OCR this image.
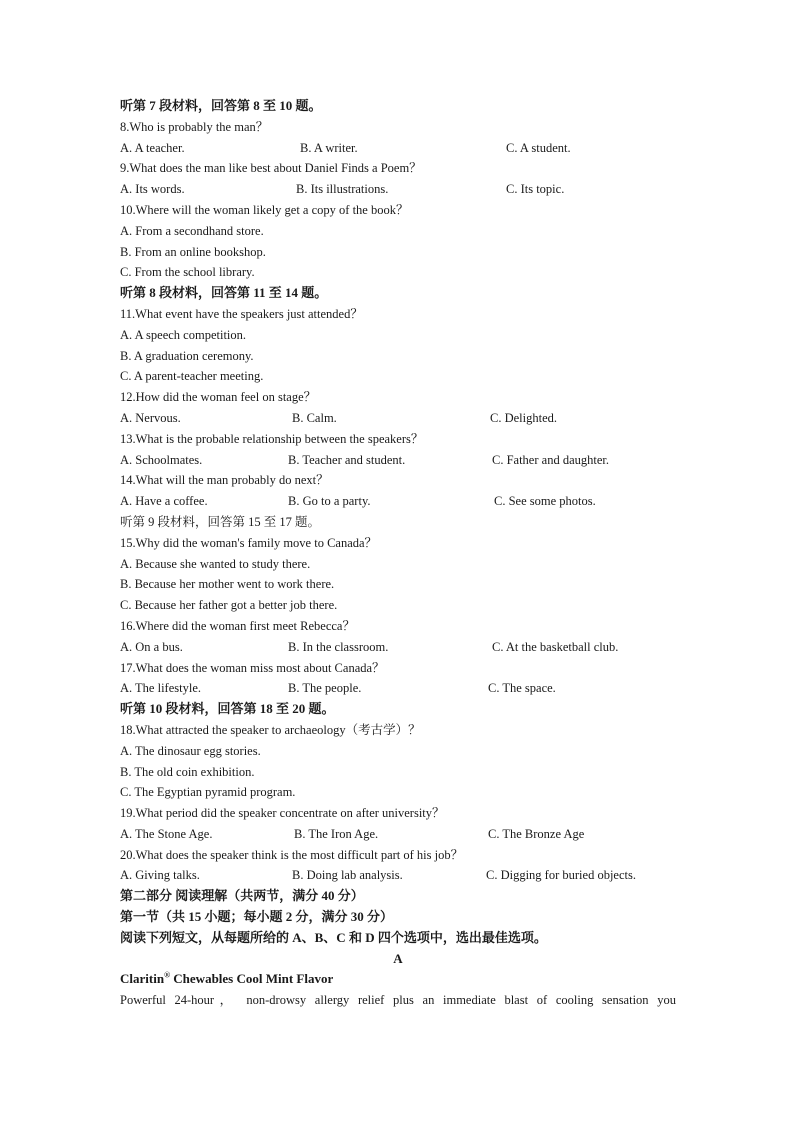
听第 7 段材料，回答第 8 至 10 题。
8.Who is probably the man？
A. A teacher.	B. A writer.	C. A student.
9.What does the man like best about Daniel Finds a Poem？
A. Its words.	B. Its illustrations.	C. Its topic.
10.Where will the woman likely get a copy of the book？
A. From a secondhand store.
B. From an online bookshop.
C. From the school library.
听第 8 段材料，回答第 11 至 14 题。
11.What event have the speakers just attended？
A. A speech competition.
B. A graduation ceremony.
C. A parent-teacher meeting.
12.How did the woman feel on stage？
A. Nervous.	B. Calm.	C. Delighted.
13.What is the probable relationship between the speakers？
A. Schoolmates.	B. Teacher and student.	C. Father and daughter.
14.What will the man probably do next？
A. Have a coffee.	B. Go to a party.	C. See some photos.
听第 9 段材料，回答第 15 至 17 题。
15.Why did the woman's family move to Canada？
A. Because she wanted to study there.
B. Because her mother went to work there.
C. Because her father got a better job there.
16.Where did the woman first meet Rebecca？
A. On a bus.	B. In the classroom.	C. At the basketball club.
17.What does the woman miss most about Canada？
A. The lifestyle.	B. The people.	C. The space.
听第 10 段材料，回答第 18 至 20 题。
18.What attracted the speaker to archaeology（考古学）？
A. The dinosaur egg stories.
B. The old coin exhibition.
C. The Egyptian pyramid program.
19.What period did the speaker concentrate on after university？
A. The Stone Age.	B. The Iron Age.	C. The Bronze Age
20.What does the speaker think is the most difficult part of his job？
A. Giving talks.	B. Doing lab analysis.	C. Digging for buried objects.
第二部分 阅读理解（共两节，满分 40 分）
第一节（共 15 小题；每小题 2 分，满分 30 分）
阅读下列短文，从每题所给的 A、B、C 和 D 四个选项中，选出最佳选项。
A
Claritin® Chewables Cool Mint Flavor
Powerful 24-hour， non-drowsy allergy relief plus an immediate blast of cooling sensation you
